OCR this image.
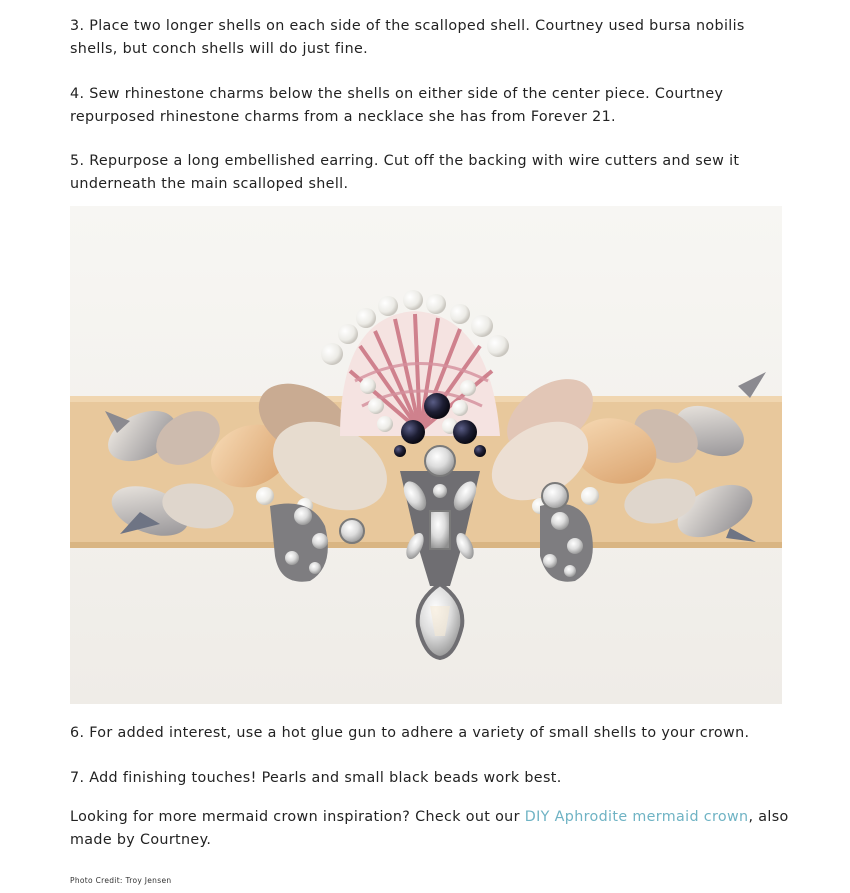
3. Place two longer shells on each side of the scalloped shell. Courtney used bursa nobilis shells, but conch shells will do just fine.

4. Sew rhinestone charms below the shells on either side of the center piece. Courtney repurposed rhinestone charms from a necklace she has from Forever 21.

5. Repurpose a long embellished earring. Cut off the backing with wire cutters and sew it underneath the main scalloped shell.

6. For added interest, use a hot glue gun to adhere a variety of small shells to your crown.

7. Add finishing touches! Pearls and small black beads work best.

Looking for more mermaid crown inspiration? Check out our DIY Aphrodite mermaid crown, also made by Courtney.

Photo Credit: Troy Jensen
